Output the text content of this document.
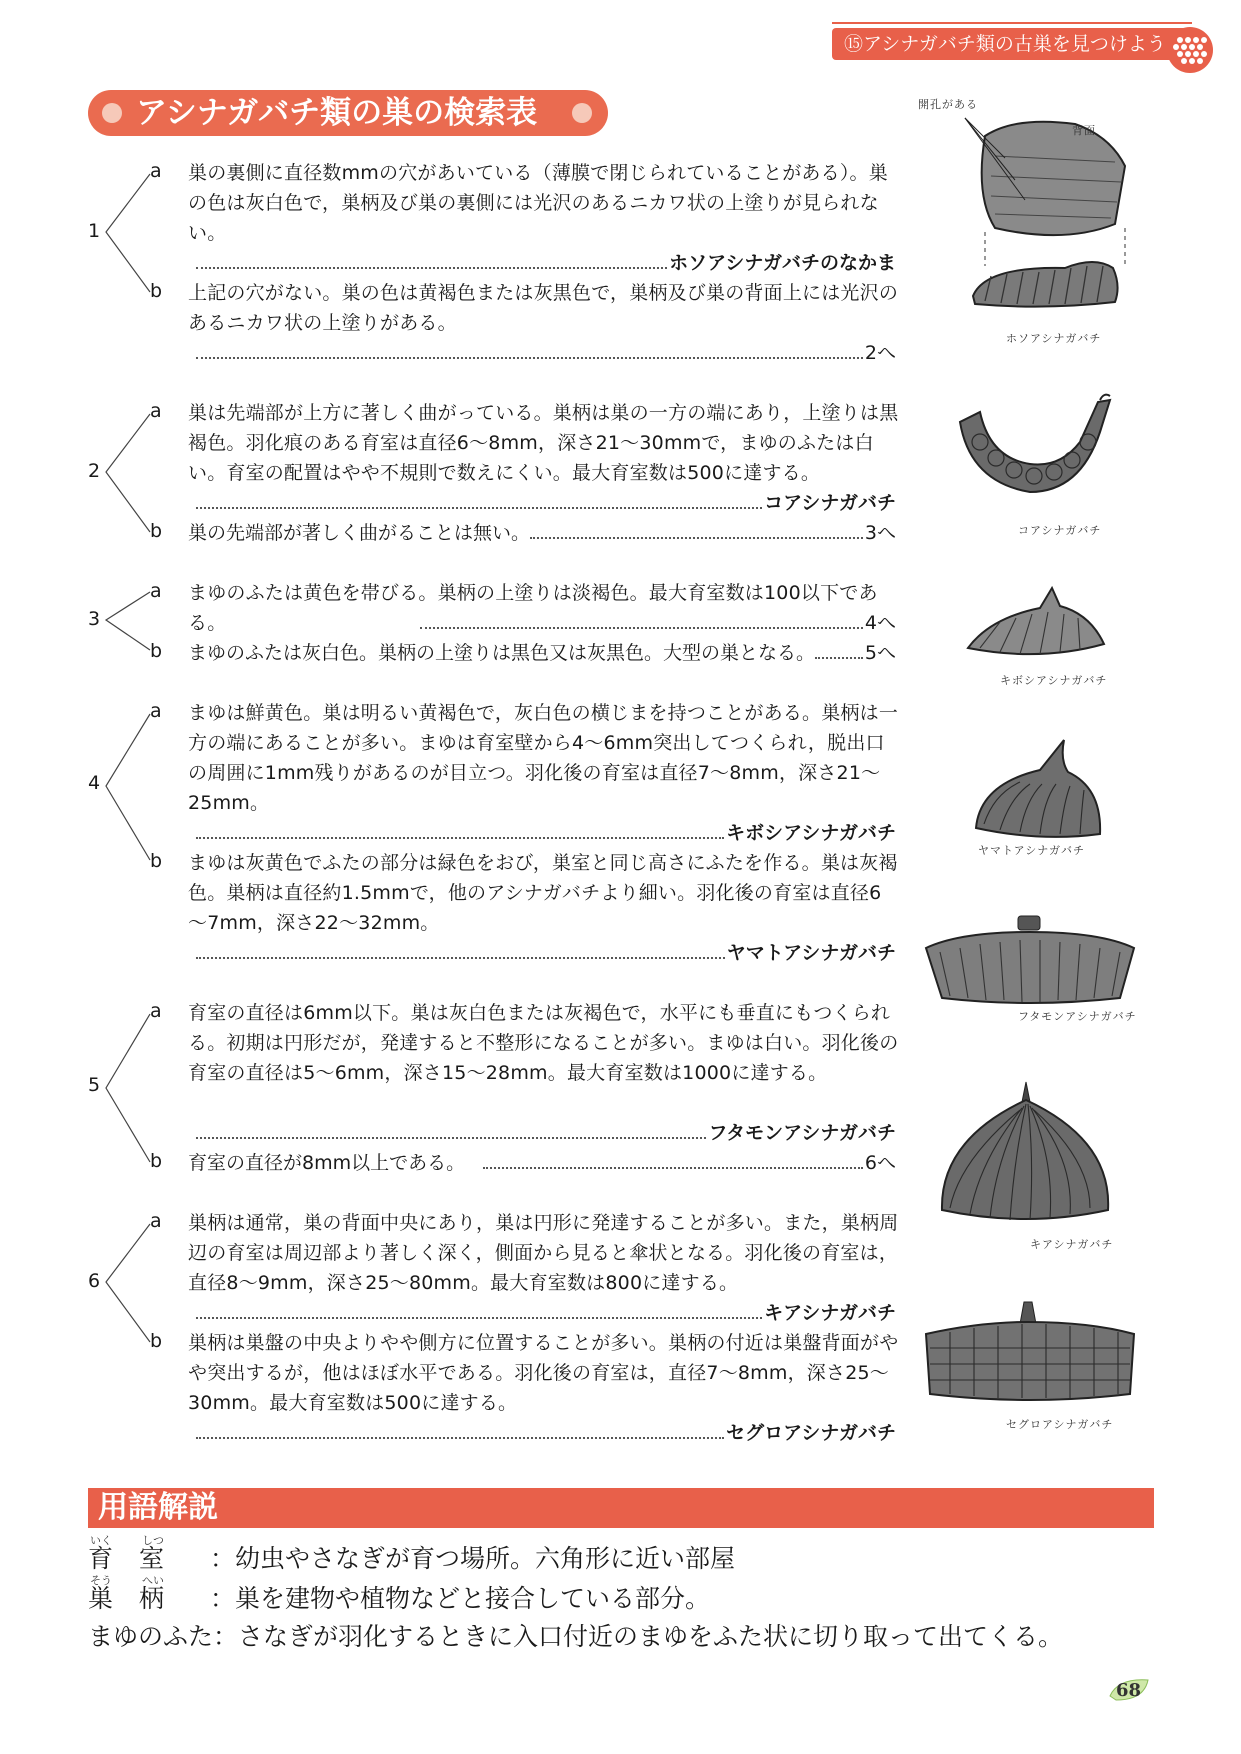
⑮アシナガバチ類の古巣を見つけよう
アシナガバチ類の巣の検索表
1
a 巣の裏側に直径数mmの穴があいている（薄膜で閉じられていることがある）。巣の色は灰白色で，巣柄及び巣の裏側には光沢のあるニカワ状の上塗りが見られない。

ホソアシナガバチのなかま
b 上記の穴がない。巣の色は黄褐色または灰黒色で，巣柄及び巣の背面上には光沢のあるニカワ状の上塗りがある。

2へ
2
a 巣は先端部が上方に著しく曲がっている。巣柄は巣の一方の端にあり，上塗りは黒褐色。羽化痕のある育室は直径6～8mm，深さ21～30mmで，まゆのふたは白い。育室の配置はやや不規則で数えにくい。最大育室数は500に達する。

コアシナガバチ
b 巣の先端部が著しく曲がることは無い。	3へ
3
a まゆのふたは黄色を帯びる。巣柄の上塗りは淡褐色。最大育室数は100以下である。	4へ
b まゆのふたは灰白色。巣柄の上塗りは黒色又は灰黒色。大型の巣となる。	5へ
4
a まゆは鮮黄色。巣は明るい黄褐色で，灰白色の横じまを持つことがある。巣柄は一方の端にあることが多い。まゆは育室壁から4～6mm突出してつくられ，脱出口の周囲に1mm残りがあるのが目立つ。羽化後の育室は直径7～8mm，深さ21～25mm。

キボシアシナガバチ
b まゆは灰黄色でふたの部分は緑色をおび，巣室と同じ高さにふたを作る。巣は灰褐色。巣柄は直径約1.5mmで，他のアシナガバチより細い。羽化後の育室は直径6～7mm，深さ22～32mm。

ヤマトアシナガバチ
5
a 育室の直径は6mm以下。巣は灰白色または灰褐色で，水平にも垂直にもつくられる。初期は円形だが，発達すると不整形になることが多い。まゆは白い。羽化後の育室の直径は5～6mm，深さ15～28mm。最大育室数は1000に達する。

フタモンアシナガバチ
b 育室の直径が8mm以上である。	6へ
6
a 巣柄は通常，巣の背面中央にあり，巣は円形に発達することが多い。また，巣柄周辺の育室は周辺部より著しく深く，側面から見ると傘状となる。羽化後の育室は，直径8～9mm，深さ25～80mm。最大育室数は800に達する。

キアシナガバチ
b 巣柄は巣盤の中央よりやや側方に位置することが多い。巣柄の付近は巣盤背面がやや突出するが，他はほぼ水平である。羽化後の育室は，直径7～8mm，深さ25～30mm。最大育室数は500に達する。

セグロアシナガバチ
開孔がある
背面
ホソアシナガバチ
コアシナガバチ
キボシアシナガバチ
ヤマトアシナガバチ
フタモンアシナガバチ
キアシナガバチ
セグロアシナガバチ
用語解説
いく	しつ
育室 ：幼虫やさなぎが育つ場所。六角形に近い部屋
そう	へい
巣柄 ：巣を建物や植物などと接合している部分。
まゆのふた：さなぎが羽化するときに入口付近のまゆをふた状に切り取って出てくる。
68
